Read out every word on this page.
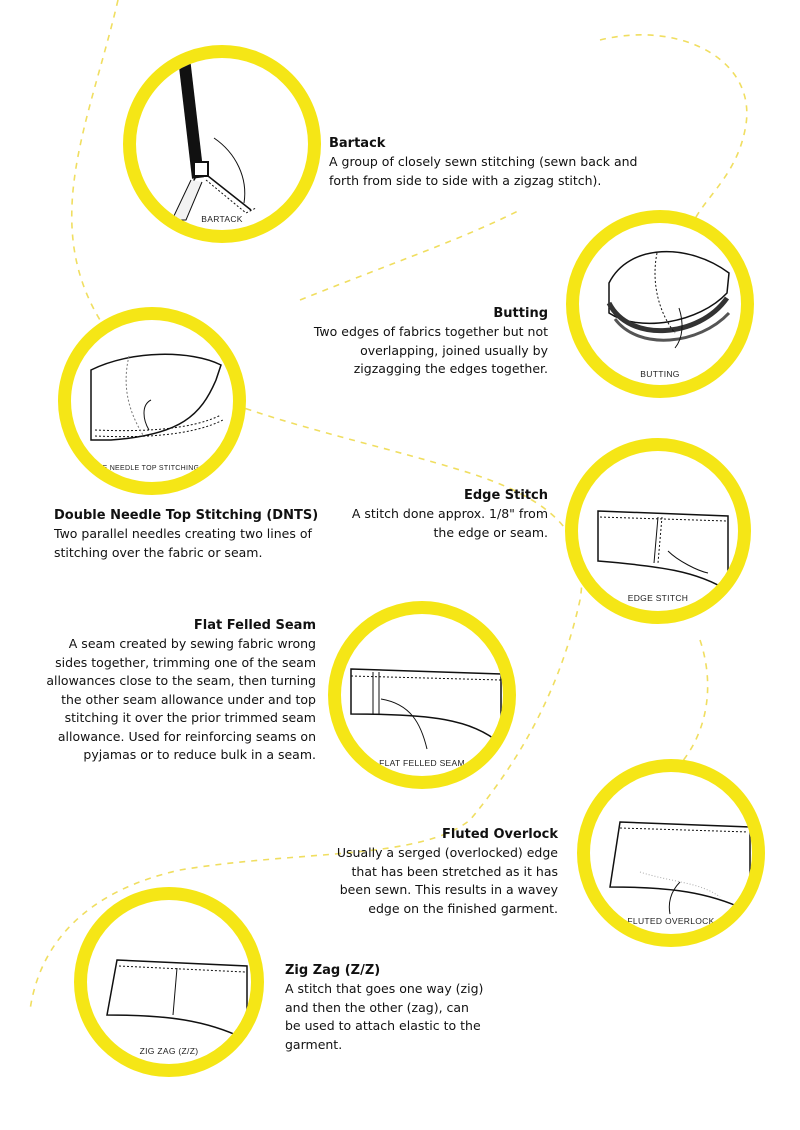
BARTACK
Bartack
A group of closely sewn stitching (sewn back and forth from side to side with a zigzag stitch).
BUTTING
Butting
Two edges of fabrics together but not overlapping, joined usually by zigzagging the edges together.
DOUBLE NEEDLE TOP STITCHING (DNTS)
Double Needle Top Stitching (DNTS)
Two parallel needles creating two lines of stitching over the fabric or seam.
EDGE STITCH
Edge Stitch
A stitch done approx. 1/8" from the edge or seam.
FLAT FELLED SEAM
Flat Felled Seam
A seam created by sewing fabric wrong sides together, trimming one of the seam allowances close to the seam, then turning the other seam allowance under and top stitching it over the prior trimmed seam allowance. Used for reinforcing seams on pyjamas or to reduce bulk in a seam.
FLUTED OVERLOCK
Fluted Overlock
Usually a serged (overlocked) edge that has been stretched as it has been sewn. This results in a wavey edge on the finished garment.
ZIG ZAG (Z/Z)
Zig Zag (Z/Z)
A stitch that goes one way (zig) and then the other (zag), can be used to attach elastic to the garment.
